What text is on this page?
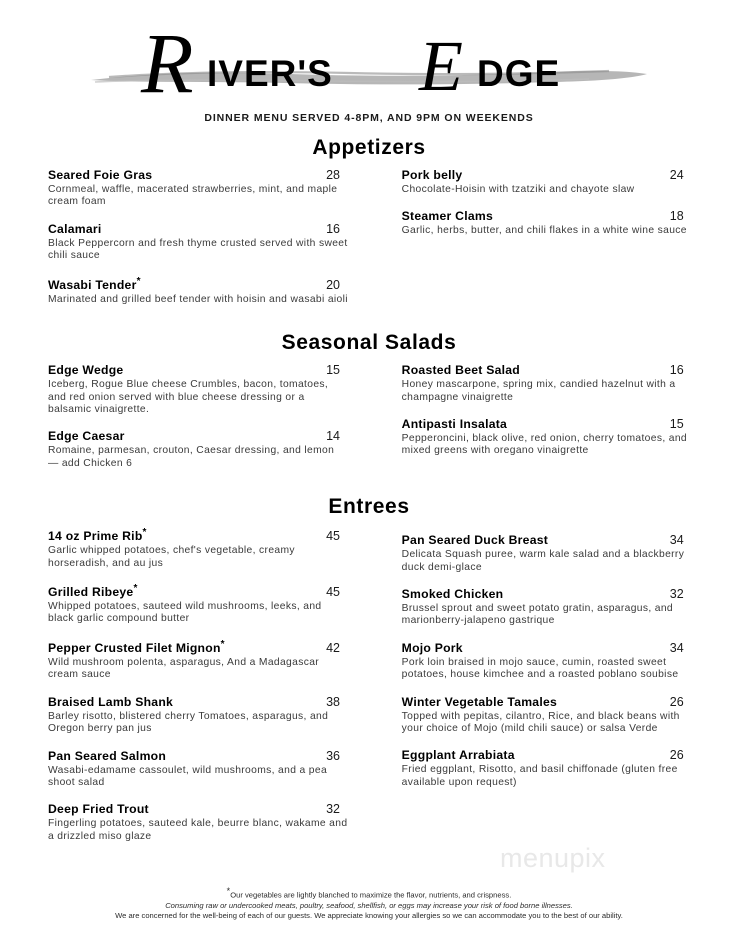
R IVER'S E DGE
DINNER MENU SERVED 4-8PM, AND 9PM ON WEEKENDS
Appetizers
Seared Foie Gras	28
Cornmeal, waffle, macerated strawberries, mint, and maple cream foam
Calamari	16
Black Peppercorn and fresh thyme crusted served with sweet chili sauce
Wasabi Tender*	20
Marinated and grilled beef tender with hoisin and wasabi aioli
Pork belly	24
Chocolate-Hoisin with tzatziki and chayote slaw
Steamer Clams	18
Garlic, herbs, butter, and chili flakes in a white wine sauce
Seasonal Salads
Edge Wedge	15
Iceberg, Rogue Blue cheese Crumbles, bacon, tomatoes, and red onion served with blue cheese dressing or a balsamic vinaigrette.
Edge Caesar	14
Romaine, parmesan, crouton, Caesar dressing, and lemon — add Chicken 6
Roasted Beet Salad	16
Honey mascarpone, spring mix, candied hazelnut with a champagne vinaigrette
Antipasti Insalata	15
Pepperoncini, black olive, red onion, cherry tomatoes, and mixed greens with oregano vinaigrette
Entrees
14 oz Prime Rib*	45
Garlic whipped potatoes, chef's vegetable, creamy horseradish, and au jus
Grilled Ribeye*	45
Whipped potatoes, sauteed wild mushrooms, leeks, and black garlic compound butter
Pepper Crusted Filet Mignon*	42
Wild mushroom polenta, asparagus, And a Madagascar cream sauce
Braised Lamb Shank	38
Barley risotto, blistered cherry Tomatoes, asparagus, and Oregon berry pan jus
Pan Seared Salmon	36
Wasabi-edamame cassoulet, wild mushrooms, and a pea shoot salad
Deep Fried Trout	32
Fingerling potatoes, sauteed kale, beurre blanc, wakame and a drizzled miso glaze
Pan Seared Duck Breast	34
Delicata Squash puree, warm kale salad and a blackberry duck demi-glace
Smoked Chicken	32
Brussel sprout and sweet potato gratin, asparagus, and marionberry-jalapeno gastrique
Mojo Pork	34
Pork loin braised in mojo sauce, cumin, roasted sweet potatoes, house kimchee and a roasted poblano soubise
Winter Vegetable Tamales	26
Topped with pepitas, cilantro, Rice, and black beans with your choice of Mojo (mild chili sauce) or salsa Verde
Eggplant Arrabiata	26
Fried eggplant, Risotto, and basil chiffonade (gluten free available upon request)
menupix
*Our vegetables are lightly blanched to maximize the flavor, nutrients, and crispness.
Consuming raw or undercooked meats, poultry, seafood, shellfish, or eggs may increase your risk of food borne illnesses.
We are concerned for the well-being of each of our guests. We appreciate knowing your allergies so we can accommodate you to the best of our ability.
